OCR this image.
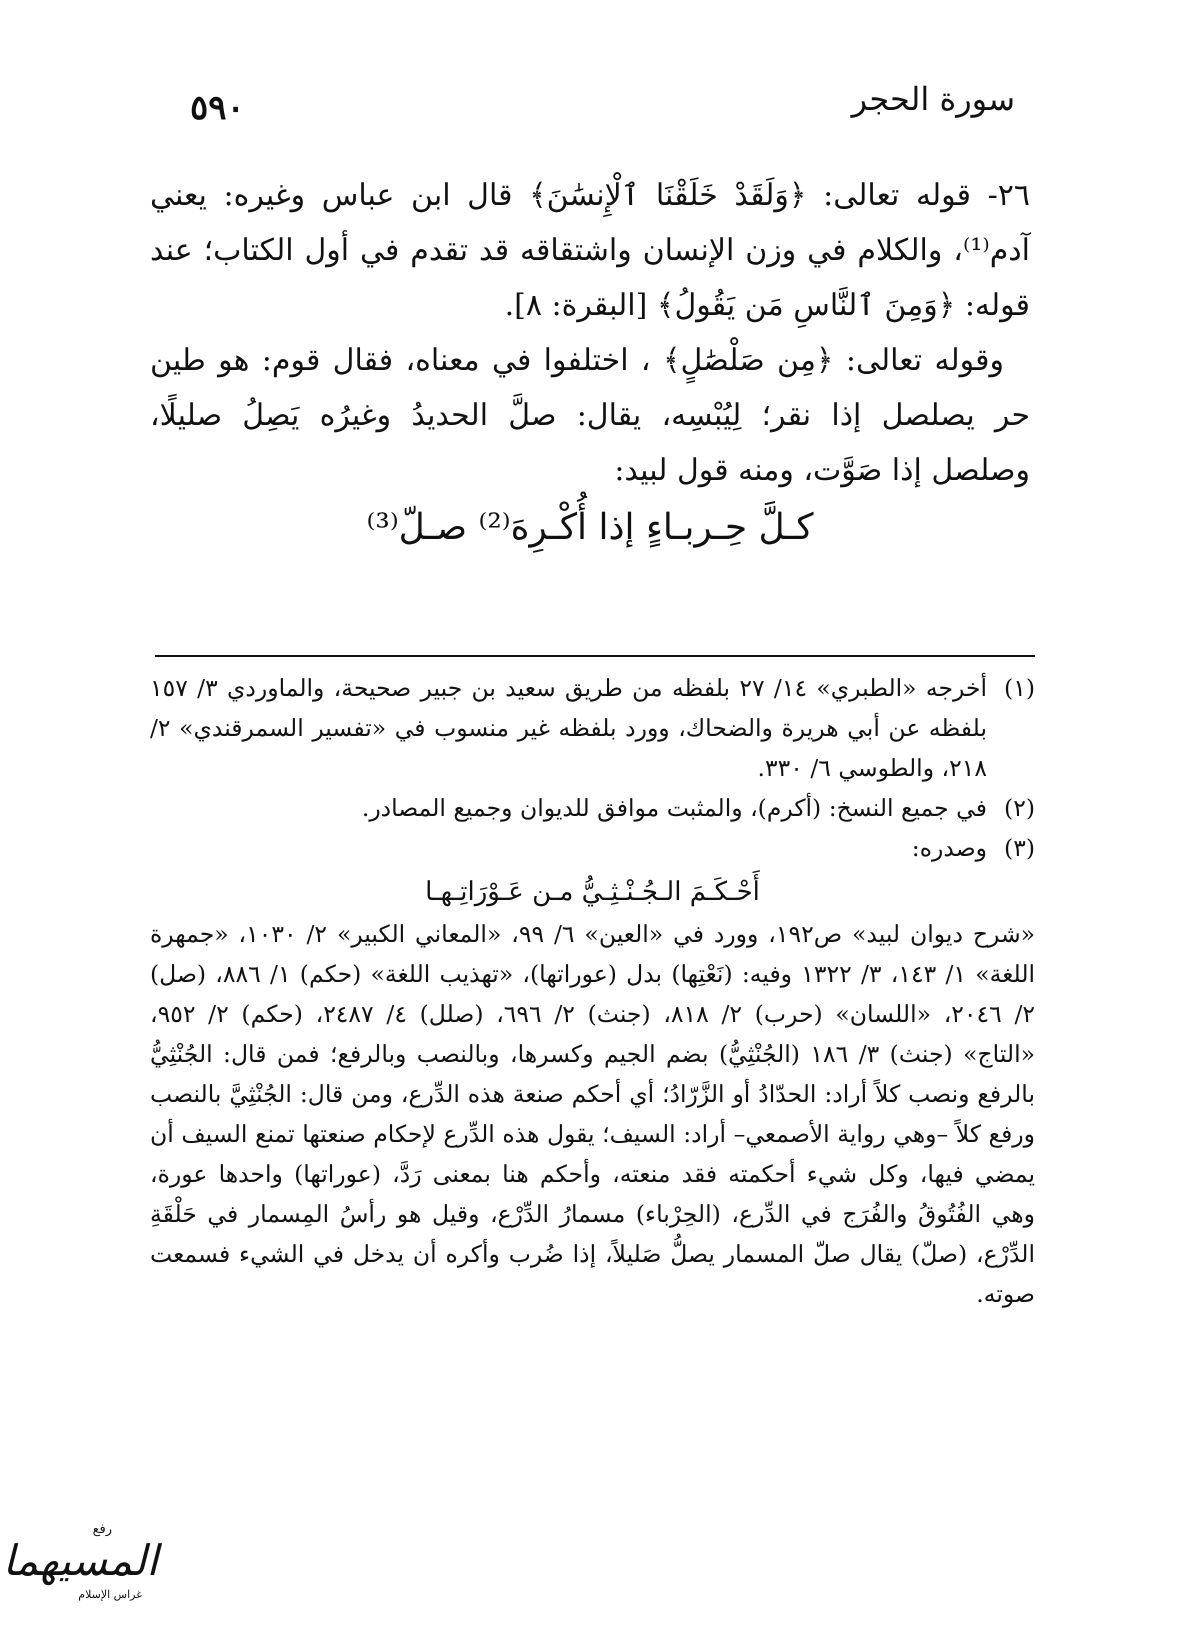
سورة الحجر
٥٩٠

٢٦- قوله تعالى: ﴿وَلَقَدْ خَلَقْنَا ٱلْإِنسَٰنَ﴾ قال ابن عباس وغيره: يعني آدم⁽¹⁾، والكلام في وزن الإنسان واشتقاقه قد تقدم في أول الكتاب؛ عند قوله: ﴿وَمِنَ ٱلنَّاسِ مَن يَقُولُ﴾ [البقرة: ٨].

وقوله تعالى: ﴿مِن صَلْصَٰلٍ﴾ ، اختلفوا في معناه، فقال قوم: هو طين حر يصلصل إذا نقر؛ لِيُبْسِه، يقال: صلَّ الحديدُ وغيرُه يَصِلُ صليلًا، وصلصل إذا صَوَّت، ومنه قول لبيد:

كـلَّ حِـربـاءٍ إذا أُكْـرِهَ⁽²⁾ صـلّ⁽³⁾
(١)
أخرجه «الطبري» ١٤/ ٢٧ بلفظه من طريق سعيد بن جبير صحيحة، والماوردي ٣/ ١٥٧ بلفظه عن أبي هريرة والضحاك، وورد بلفظه غير منسوب في «تفسير السمرقندي» ٢/ ٢١٨، والطوسي ٦/ ٣٣٠.
(٢)
في جميع النسخ: (أكرم)، والمثبت موافق للديوان وجميع المصادر.
(٣)
وصدره:
أَحْـكَـمَ الـجُـنْـثِـيُّ مـن عَـوْرَاتِـهـا
«شرح ديوان لبيد» ص١٩٢، وورد في «العين» ٦/ ٩٩، «المعاني الكبير» ٢/ ١٠٣٠، «جمهرة اللغة» ١/ ١٤٣، ٣/ ١٣٢٢ وفيه: (نَعْتِها) بدل (عوراتها)، «تهذيب اللغة» (حكم) ١/ ٨٨٦، (صل) ٢/ ٢٠٤٦، «اللسان» (حرب) ٢/ ٨١٨، (جنث) ٢/ ٦٩٦، (صلل) ٤/ ٢٤٨٧، (حكم) ٢/ ٩٥٢، «التاج» (جنث) ٣/ ١٨٦ (الجُنْثِيُّ) بضم الجيم وكسرها، وبالنصب وبالرفع؛ فمن قال: الجُنْثِيُّ بالرفع ونصب كلاً أراد: الحدّادُ أو الزَّرّادُ؛ أي أحكم صنعة هذه الدِّرع، ومن قال: الجُنْثِيَّ بالنصب ورفع كلاً –وهي رواية الأصمعي– أراد: السيف؛ يقول هذه الدِّرع لإحكام صنعتها تمنع السيف أن يمضي فيها، وكل شيء أحكمته فقد منعته، وأحكم هنا بمعنى رَدَّ، (عوراتها) واحدها عورة، وهي الفُتُوقُ والفُرَج في الدِّرع، (الحِرْباء) مسمارُ الدِّرْع، وقيل هو رأسُ المِسمار في حَلْقَةِ الدِّرْع، (صلّ) يقال صلّ المسمار يصلُّ صَليلاً، إذا ضُرب وأكره أن يدخل في الشيء فسمعت صوته.
رفع
المسيهما
غراس الإسلام
